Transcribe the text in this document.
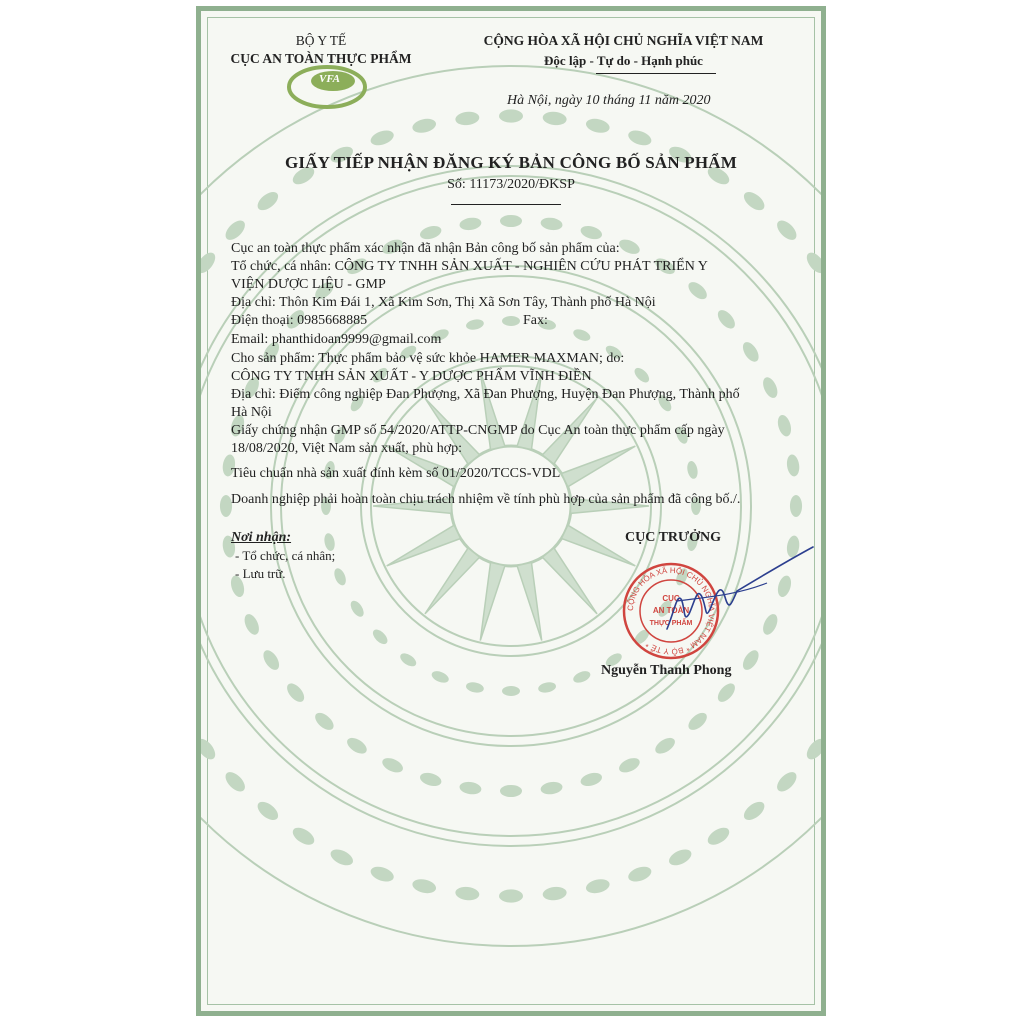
BỘ Y TẾ
CỤC AN TOÀN THỰC PHẨM
VFA
CỘNG HÒA XÃ HỘI CHỦ NGHĨA VIỆT NAM
Độc lập - Tự do - Hạnh phúc
Hà Nội, ngày 10 tháng 11 năm 2020
GIẤY TIẾP NHẬN ĐĂNG KÝ BẢN CÔNG BỐ SẢN PHẨM
Số: 11173/2020/ĐKSP
Cục an toàn thực phẩm xác nhận đã nhận Bản công bố sản phẩm của:
Tổ chức, cá nhân: CÔNG TY TNHH SẢN XUẤT - NGHIÊN CỨU PHÁT TRIỂN Y
VIỆN DƯỢC LIỆU - GMP
Địa chỉ: Thôn Kim Đái 1, Xã Kim Sơn, Thị Xã Sơn Tây, Thành phố Hà Nội
Điện thoại: 0985668885	Fax:
Email: phanthidoan9999@gmail.com
Cho sản phẩm: Thực phẩm bảo vệ sức khỏe HAMER MAXMAN; do:
CÔNG TY TNHH SẢN XUẤT - Y DƯỢC PHẨM VĨNH ĐIỀN
Địa chỉ: Điểm công nghiệp Đan Phượng, Xã Đan Phượng, Huyện Đan Phượng, Thành phố
Hà Nội
Giấy chứng nhận GMP số 54/2020/ATTP-CNGMP do Cục An toàn thực phẩm cấp ngày
18/08/2020, Việt Nam sản xuất, phù hợp:
Tiêu chuẩn nhà sản xuất đính kèm số 01/2020/TCCS-VDL
Doanh nghiệp phải hoàn toàn chịu trách nhiệm về tính phù hợp của sản phẩm đã công bố./.
Nơi nhận:
- Tổ chức, cá nhân;
- Lưu trữ.
CỤC TRƯỞNG
CỘNG HÒA XÃ HỘI CHỦ NGHĨA VIỆT NAM * BỘ Y TẾ *
CỤC
AN TOÀN
THỰC PHẨM
Nguyễn Thanh Phong
